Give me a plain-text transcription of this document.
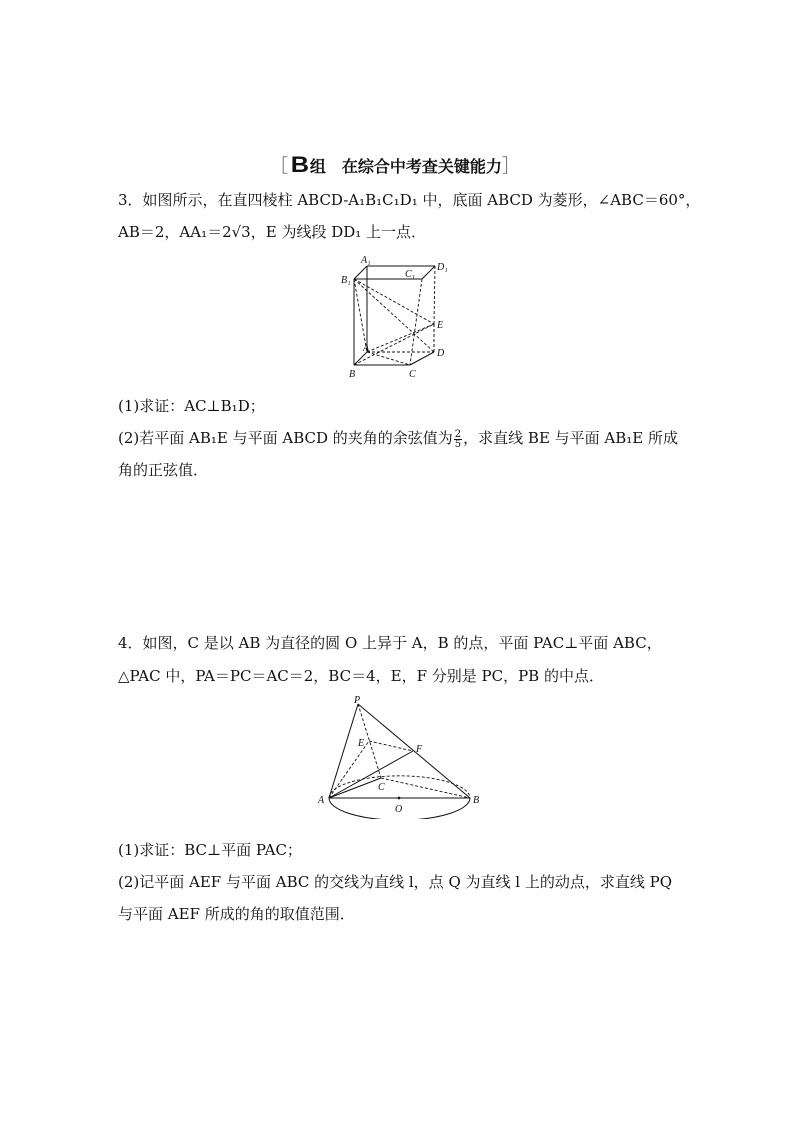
［ B组　在综合中考查关键能力］
3．如图所示，在直四棱柱 ABCD-A₁B₁C₁D₁ 中，底面 ABCD 为菱形，∠ABC＝60°，
AB＝2，AA₁＝2√3，E 为线段 DD₁ 上一点．
A₁
B₁
C₁
D₁
A
B	C
D
E
(1)求证：AC⊥B₁D；
(2)若平面 AB₁E 与平面 ABCD 的夹角的余弦值为 $\frac{2}{5}$ ，求直线 BE 与平面 AB₁E 所成
角的正弦值．
4．如图，C 是以 AB 为直径的圆 O 上异于 A，B 的点，平面 PAC⊥平面 ABC，
△PAC 中，PA＝PC＝AC＝2，BC＝4，E，F 分别是 PC，PB 的中点．
P
E
F
C
A	B
O
(1)求证：BC⊥平面 PAC；
(2)记平面 AEF 与平面 ABC 的交线为直线 l，点 Q 为直线 l 上的动点，求直线 PQ
与平面 AEF 所成的角的取值范围．
